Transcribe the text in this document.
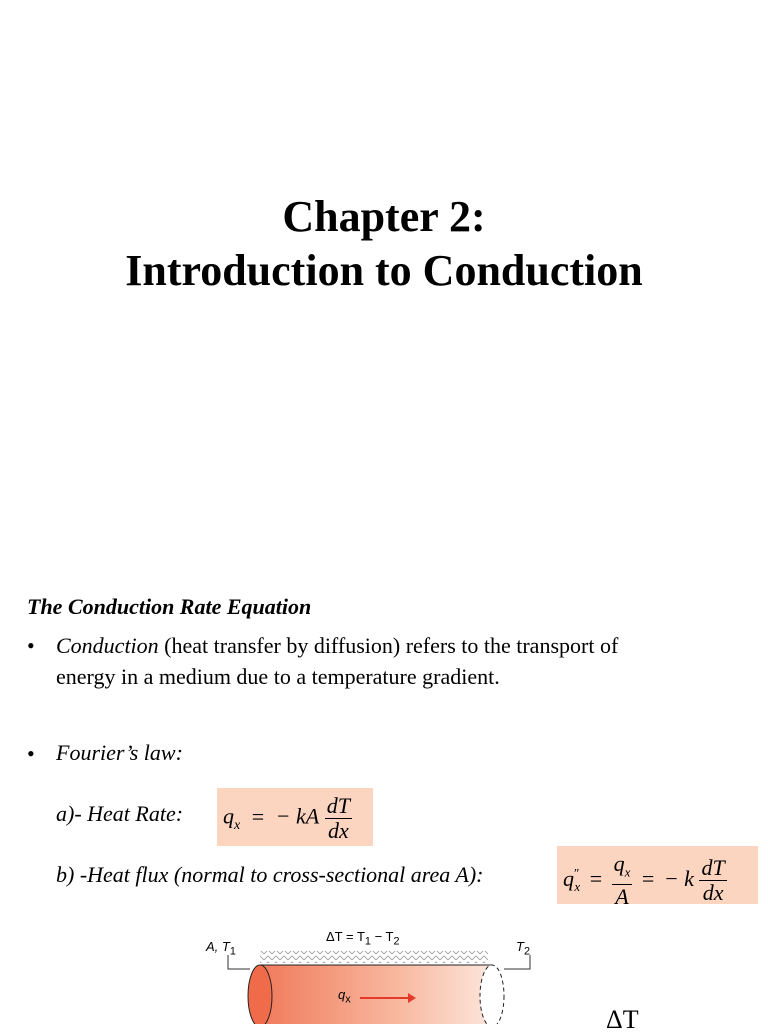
Chapter 2:
Introduction to Conduction
The Conduction Rate Equation
• Conduction (heat transfer by diffusion) refers to the transport of
energy in a medium due to a temperature gradient.
• Fourier’s law:
a)- Heat Rate:	$q_x$ = − kA $\frac{dT}{dx}$
b) -Heat flux (normal to cross-sectional area A):	$q''_x = \frac{q_x}{A}$ = − k $\frac{dT}{dx}$
A, $T_1$
$\Delta T = T_1 - T_2$	$T_2$
$q_x$
ΔT
